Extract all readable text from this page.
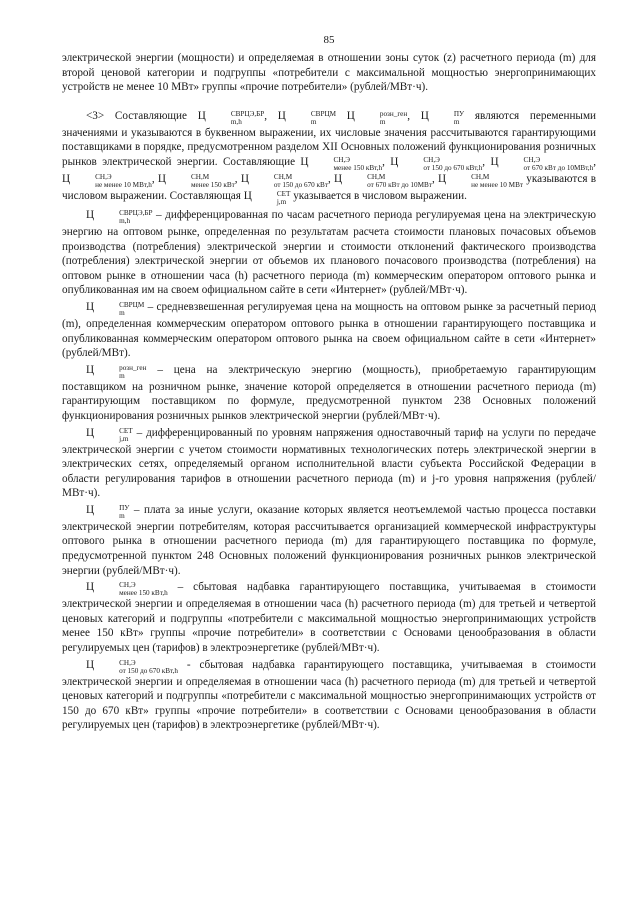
85

электрической энергии (мощности) и определяемая в отношении зоны суток (z) расчетного периода (m) для второй ценовой категории и подгруппы «потребители с максимальной мощностью энергопринимающих устройств не менее 10 МВт» группы «прочие потребители» (рублей/МВт·ч).

<3> Составляющие Ц	СВРЦЭ,БР
m,h	, Ц	СВРЦМ
m	Ц	розн_ген
m	, Ц	ПУ
m	являются переменными значениями и указываются в буквенном выражении, их числовые значения рассчитываются гарантирующими поставщиками в порядке, предусмотренном разделом XII Основных положений функционирования розничных рынков электрической энергии. Составляющие Ц	СН,Э
менее 150 кВт,h , Ц	СН,Э
от 150 до 670 кВт,h , Ц	СН,Э
от 670 кВт до 10МВт,h , Ц	СН,Э
не менее 10 МВт,h , Ц	СН,М
менее 150 кВт , Ц	СН,М
от 150 до 670 кВт , Ц	СН,М
от 670 кВт до 10МВт , Ц	СН,М
не менее 10 МВт указываются в числовом выражении. Составляющая Ц	СЕТ
j,m указывается в числовом выражении.

Ц	СВРЦЭ,БР
m,h	– дифференцированная по часам расчетного периода регулируемая цена на электрическую энергию на оптовом рынке, определенная по результатам расчета стоимости плановых почасовых объемов производства (потребления) электрической энергии и стоимости отклонений фактического производства (потребления) электрической энергии от объемов их планового почасового производства (потребления) на оптовом рынке в отношении часа (h) расчетного периода (m) коммерческим оператором оптового рынка и опубликованная им на своем официальном сайте в сети «Интернет» (рублей/МВт·ч).

Ц	СВРЦМ
m	– средневзвешенная регулируемая цена на мощность на оптовом рынке за расчетный период (m), определенная коммерческим оператором оптового рынка в отношении гарантирующего поставщика и опубликованная коммерческим оператором оптового рынка на своем официальном сайте в сети «Интернет» (рублей/МВт).

Ц	розн_ген
m	– цена на электрическую энергию (мощность), приобретаемую гарантирующим поставщиком на розничном рынке, значение которой определяется в отношении расчетного периода (m) гарантирующим поставщиком по формуле, предусмотренной пунктом 238 Основных положений функционирования розничных рынков электрической энергии (рублей/МВт·ч).

Ц	СЕТ
j,m – дифференцированный по уровням напряжения одноставочный тариф на услуги по передаче электрической энергии с учетом стоимости нормативных технологических потерь электрической энергии в электрических сетях, определяемый органом исполнительной власти субъекта Российской Федерации в области регулирования тарифов в отношении расчетного периода (m) и j-го уровня напряжения (рублей/МВт·ч).

Ц	ПУ
m – плата за иные услуги, оказание которых является неотъемлемой частью процесса поставки электрической энергии потребителям, которая рассчитывается организацией коммерческой инфраструктуры оптового рынка в отношении расчетного периода (m) для гарантирующего поставщика по формуле, предусмотренной пунктом 248 Основных положений функционирования розничных рынков электрической энергии (рублей/МВт·ч).

Ц	СН,Э
менее 150 кВт,h – сбытовая надбавка гарантирующего поставщика, учитываемая в стоимости электрической энергии и определяемая в отношении часа (h) расчетного периода (m) для третьей и четвертой ценовых категорий и подгруппы «потребители с максимальной мощностью энергопринимающих устройств менее 150 кВт» группы «прочие потребители» в соответствии с Основами ценообразования в области регулируемых цен (тарифов) в электроэнергетике (рублей/МВт·ч).

Ц	СН,Э
от 150 до 670 кВт,h - сбытовая надбавка гарантирующего поставщика, учитываемая в стоимости электрической энергии и определяемая в отношении часа (h) расчетного периода (m) для третьей и четвертой ценовых категорий и подгруппы «потребители с максимальной мощностью энергопринимающих устройств от 150 до 670 кВт» группы «прочие потребители» в соответствии с Основами ценообразования в области регулируемых цен (тарифов) в электроэнергетике (рублей/МВт·ч).
